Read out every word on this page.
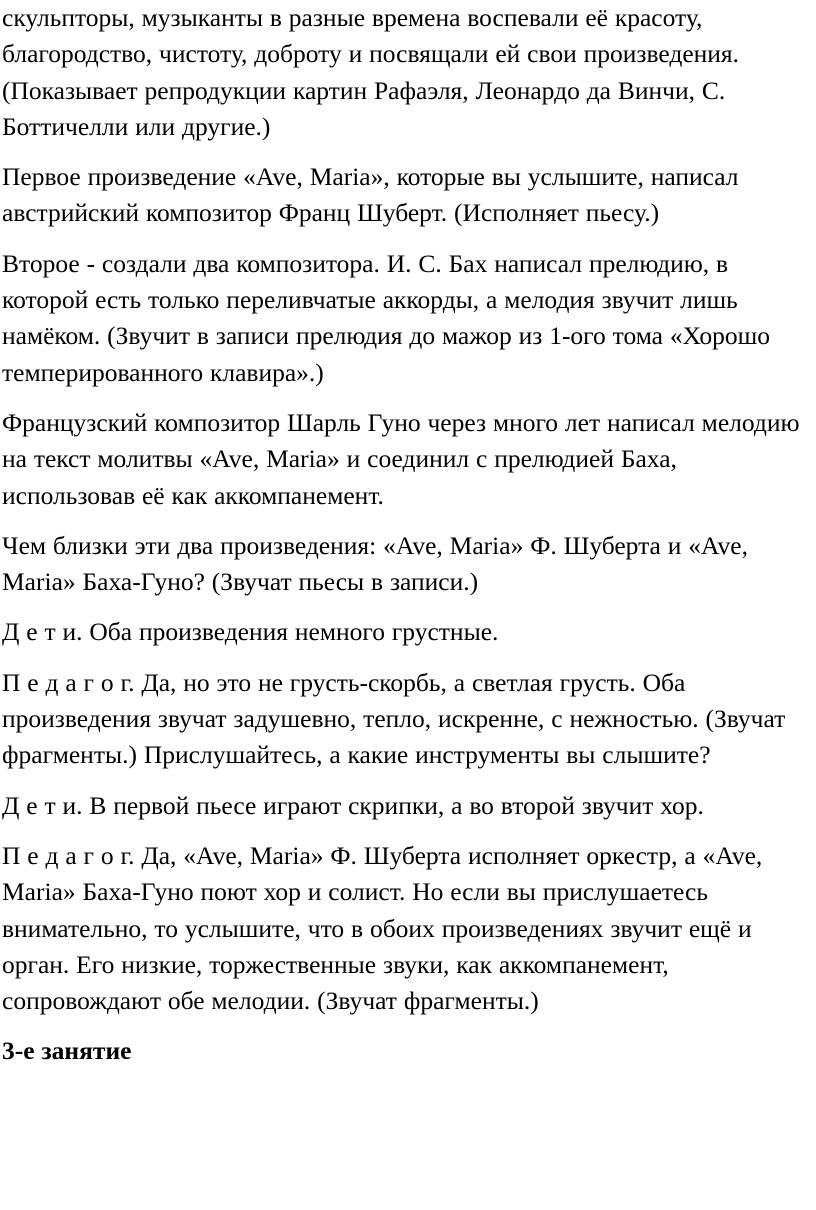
скульпторы, музыканты в разные времена воспевали её красоту, благородство, чистоту, доброту и посвящали ей свои произведения. (Показывает репродукции картин Рафаэля, Леонардо да Винчи, С. Боттичелли или другие.)

Первое произведение «Ave, Maria», которые вы услышите, написал австрийский композитор Франц Шуберт. (Исполняет пьесу.)

Второе - создали два композитора. И. С. Бах написал прелюдию, в которой есть только переливчатые аккорды, а мелодия звучит лишь намёком. (Звучит в записи прелюдия до мажор из 1-ого тома «Хорошо темперированного клавира».)

Французский композитор Шарль Гуно через много лет написал мелодию на текст молитвы «Ave, Maria» и соединил с прелюдией Баха, использовав её как аккомпанемент.

Чем близки эти два произведения: «Ave, Maria» Ф. Шуберта и «Ave, Maria» Баха-Гуно? (Звучат пьесы в записи.)

Д е т и. Оба произведения немного грустные.

П е д а г о г. Да, но это не грусть-скорбь, а светлая грусть. Оба произведения звучат задушевно, тепло, искренне, с нежностью. (Звучат фрагменты.) Прислушайтесь, а какие инструменты вы слышите?

Д е т и. В первой пьесе играют скрипки, а во второй звучит хор.

П е д а г о г. Да, «Ave, Maria» Ф. Шуберта исполняет оркестр, а «Ave, Maria» Баха-Гуно поют хор и солист. Но если вы прислушаетесь внимательно, то услышите, что в обоих произведениях звучит ещё и орган. Его низкие, торжественные звуки, как аккомпанемент, сопровождают обе мелодии. (Звучат фрагменты.)

3-е занятие
